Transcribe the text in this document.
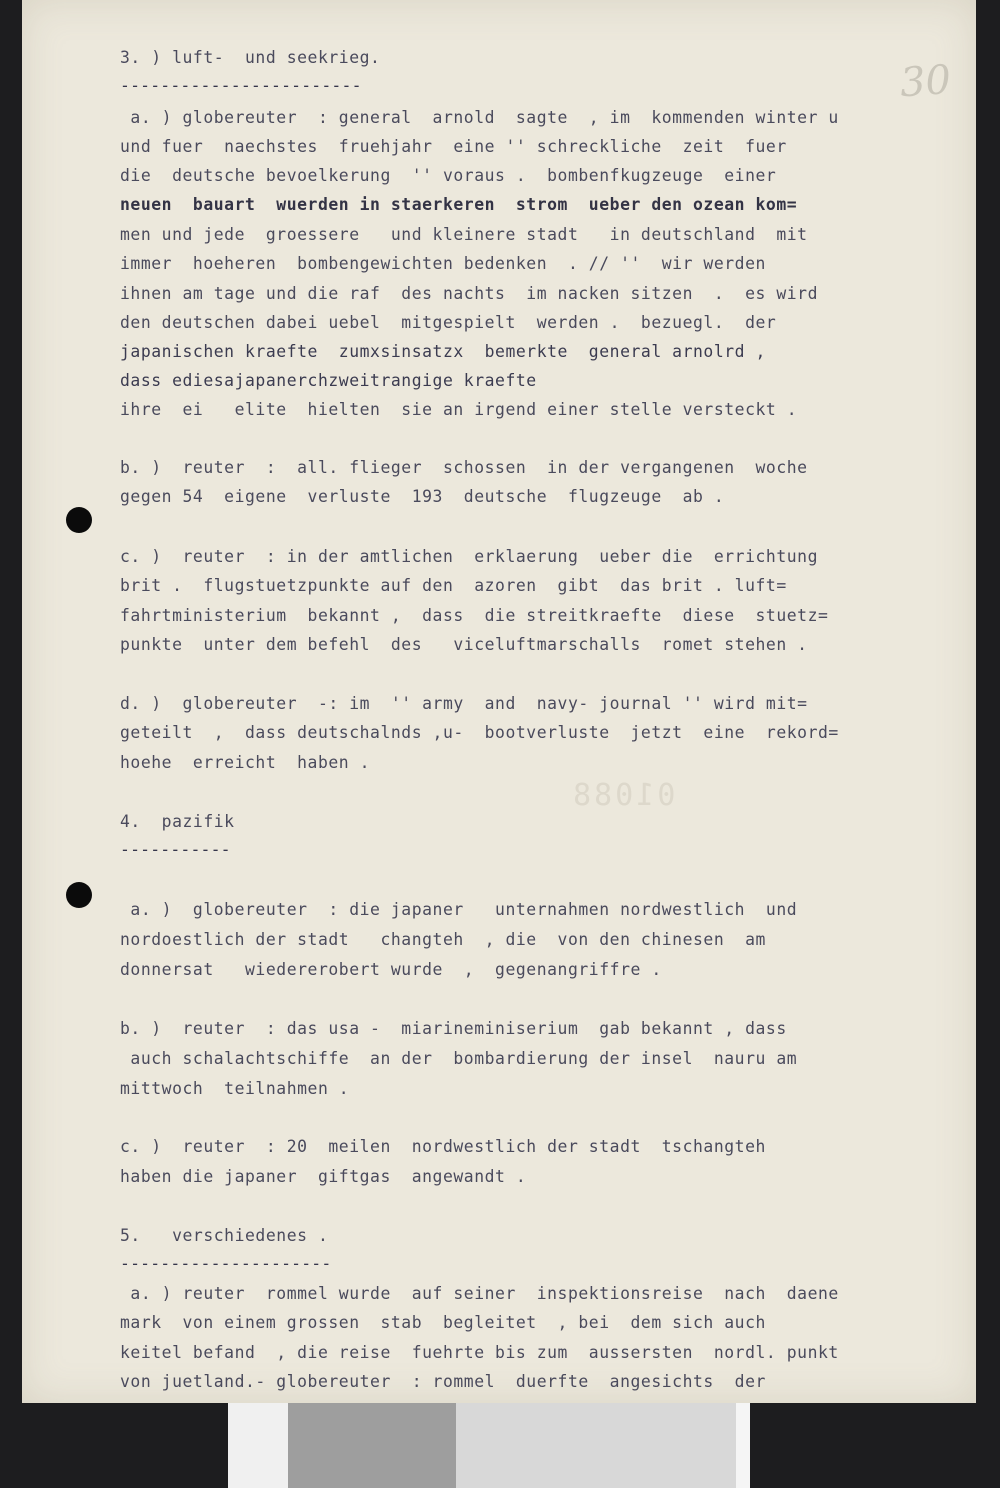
30
01088

3. ) luft-  und seekrieg.

------------------------

a. ) globereuter  : general  arnold  sagte  , im  kommenden winter u

und fuer  naechstes  fruehjahr  eine '' schreckliche  zeit  fuer

die  deutsche bevoelkerung  '' voraus .  bombenfkugzeuge  einer

neuen  bauart  wuerden in staerkeren  strom  ueber den ozean kom=

men und jede  groessere   und kleinere stadt   in deutschland  mit

immer  hoeheren  bombengewichten bedenken  . // ''  wir werden

ihnen am tage und die raf  des nachts  im nacken sitzen  .  es wird

den deutschen dabei uebel  mitgespielt  werden .  bezuegl.  der

japanischen kraefte  zumxsinsatzx  bemerkte  general arnolrd ,

dass ediesajapanerchzweitrangige kraefte

ihre  ei   elite  hielten  sie an irgend einer stelle versteckt .

b. )  reuter  :  all. flieger  schossen  in der vergangenen  woche

gegen 54  eigene  verluste  193  deutsche  flugzeuge  ab .

c. )  reuter  : in der amtlichen  erklaerung  ueber die  errichtung

brit .  flugstuetzpunkte auf den  azoren  gibt  das brit . luft=

fahrtministerium  bekannt ,  dass  die streitkraefte  diese  stuetz=

punkte  unter dem befehl  des   viceluftmarschalls  romet stehen .

d. )  globereuter  -: im  '' army  and  navy- journal '' wird mit=

geteilt  ,  dass deutschalnds ,u-  bootverluste  jetzt  eine  rekord=

hoehe  erreicht  haben .

4.  pazifik

-----------

a. )  globereuter  : die japaner   unternahmen nordwestlich  und

nordoestlich der stadt   changteh  , die  von den chinesen  am

donnersat   wiedererobert wurde  ,  gegenangriffre .

b. )  reuter  : das usa -  miarineminiserium  gab bekannt , dass

auch schalachtschiffe  an der  bombardierung der insel  nauru am

mittwoch  teilnahmen .

c. )  reuter  : 20  meilen  nordwestlich der stadt  tschangteh

haben die japaner  giftgas  angewandt .

5.   verschiedenes .

---------------------

a. ) reuter  rommel wurde  auf seiner  inspektionsreise  nach  daene

mark  von einem grossen  stab  begleitet  , bei  dem sich auch

keitel befand  , die reise  fuehrte bis zum  aussersten  nordl. punkt

von juetland.- globereuter  : rommel  duerfte  angesichts  der
